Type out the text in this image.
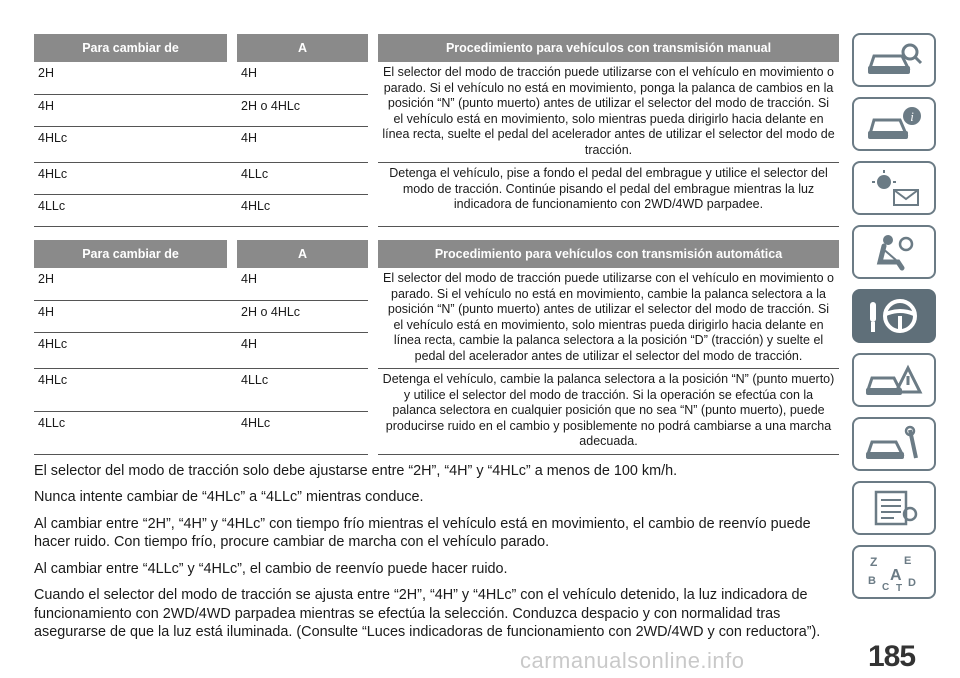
Para cambiar de		A		Procedimiento para vehículos con transmisión manual
2H		4H		El selector del modo de tracción puede utilizarse con el vehículo en movimiento o parado. Si el vehículo no está en movimiento, ponga la palanca de cambios en la posición “N” (punto muerto) antes de utilizar el selector del modo de tracción. Si el vehículo está en movimiento, solo mientras pueda dirigirlo hacia delante en línea recta, suelte el pedal del acelerador antes de utilizar el selector del modo de tracción.
4H		2H o 4HLc		
4HLc		4H		
4HLc		4LLc		Detenga el vehículo, pise a fondo el pedal del embrague y utilice el selector del modo de tracción. Continúe pisando el pedal del embrague mientras la luz indicadora de funcionamiento con 2WD/4WD parpadee.
4LLc		4HLc		
Para cambiar de		A		Procedimiento para vehículos con transmisión automática
2H		4H		El selector del modo de tracción puede utilizarse con el vehículo en movimiento o parado. Si el vehículo no está en movimiento, cambie la palanca selectora a la posición “N” (punto muerto) antes de utilizar el selector del modo de tracción. Si el vehículo está en movimiento, solo mientras pueda dirigirlo hacia delante en línea recta, cambie la palanca selectora a la posición “D” (tracción) y suelte el pedal del acelerador antes de utilizar el selector del modo de tracción.
4H		2H o 4HLc		
4HLc		4H		
4HLc		4LLc		Detenga el vehículo, cambie la palanca selectora a la posición “N” (punto muerto) y utilice el selector del modo de tracción. Si la operación se efectúa con la palanca selectora en cualquier posición que no sea “N” (punto muerto), puede producirse ruido en el cambio y posiblemente no podrá cambiarse a una marcha adecuada.
4LLc		4HLc		

El selector del modo de tracción solo debe ajustarse entre “2H”, “4H” y “4HLc” a menos de 100 km/h.

Nunca intente cambiar de “4HLc” a “4LLc” mientras conduce.

Al cambiar entre “2H”, “4H” y “4HLc” con tiempo frío mientras el vehículo está en movimiento, el cambio de reenvío puede hacer ruido. Con tiempo frío, procure cambiar de marcha con el vehículo parado.

Al cambiar entre “4LLc” y “4HLc”, el cambio de reenvío puede hacer ruido.

Cuando el selector del modo de tracción se ajusta entre “2H”, “4H” y “4HLc” con el vehículo detenido, la luz indicadora de funcionamiento con 2WD/4WD parpadea mientras se efectúa la selección. Conduzca despacio y con normalidad tras asegurarse de que la luz está iluminada. (Consulte “Luces indicadoras de funcionamiento con 2WD/4WD y con reductora”).

i
Z E
B A
C D
T
185
carmanualsonline.info
